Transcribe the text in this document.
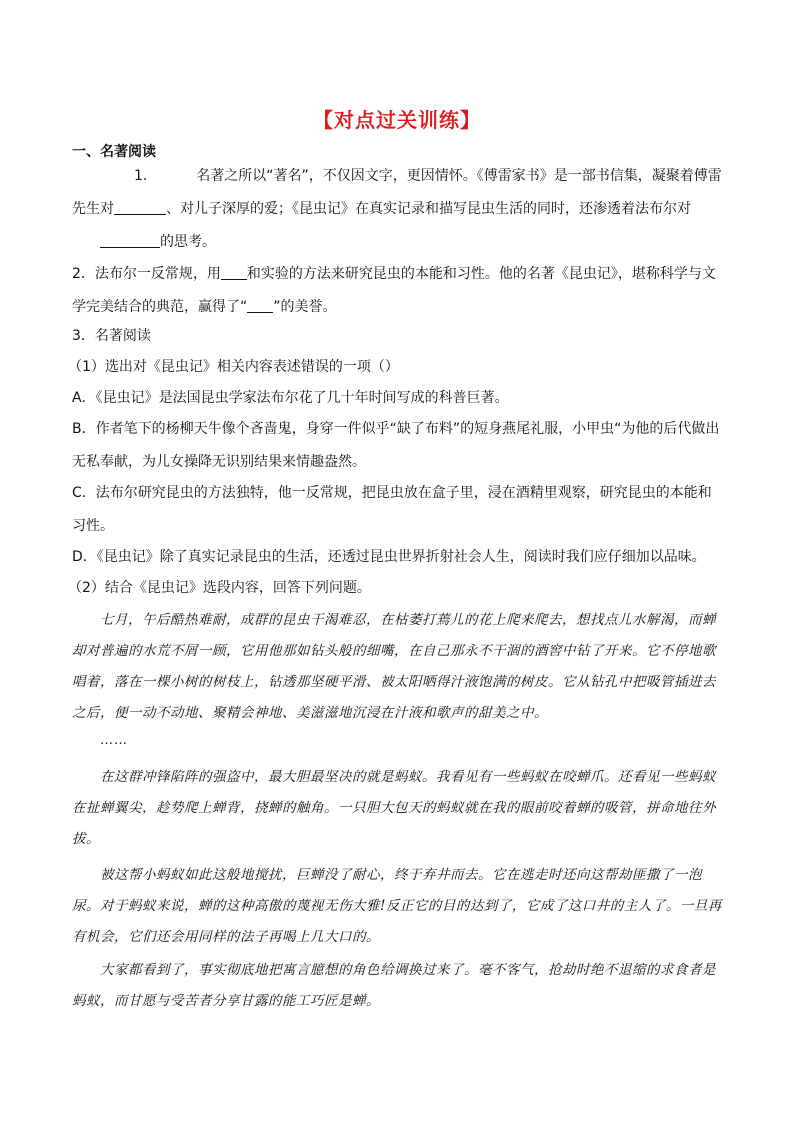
【对点过关训练】
一、名著阅读
1.	名著之所以“著名”，不仅因文字，更因情怀。《傅雷家书》是一部书信集，凝聚着傅雷
先生对	、对儿子深厚的爱；《昆虫记》在真实记录和描写昆虫生活的同时，还渗透着法布尔对
的思考。
2．法布尔一反常规，用 和实验的方法来研究昆虫的本能和习性。他的名著《昆虫记》，堪称科学与文
学完美结合的典范，赢得了“ ”的美誉。
3．名著阅读
（1）选出对《昆虫记》相关内容表述错误的一项（）
A．《昆虫记》是法国昆虫学家法布尔花了几十年时间写成的科普巨著。
B．作者笔下的杨柳天牛像个吝啬鬼，身穿一件似乎“缺了布料”的短身燕尾礼服，小甲虫“为他的后代做出无私奉献，为儿女操降无识别结果来情趣盎然。
C．法布尔研究昆虫的方法独特，他一反常规，把昆虫放在盒子里，浸在酒精里观察，研究昆虫的本能和习性。
D．《昆虫记》除了真实记录昆虫的生活，还透过昆虫世界折射社会人生，阅读时我们应仔细加以品味。
（2）结合《昆虫记》选段内容，回答下列问题。
七月，午后酷热难耐，成群的昆虫干渴难忍，在枯萎打蔫儿的花上爬来爬去，想找点儿水解渴，而蝉却对普遍的水荒不屑一顾，它用他那如钻头般的细嘴，在自己那永不干涸的酒窖中钻了开来。它不停地歌唱着，落在一棵小树的树枝上，钻透那坚硬平滑、被太阳晒得汁液饱满的树皮。它从钻孔中把吸管插进去之后，便一动不动地、聚精会神地、美滋滋地沉浸在汁液和歌声的甜美之中。
……
在这群冲锋陷阵的强盗中，最大胆最坚决的就是蚂蚁。我看见有一些蚂蚁在咬蝉爪。还看见一些蚂蚁在扯蝉翼尖，趁势爬上蝉背，挠蝉的触角。一只胆大包天的蚂蚁就在我的眼前咬着蝉的吸管，拼命地往外拔。
被这帮小蚂蚁如此这般地搅扰，巨蝉没了耐心，终于弃井而去。它在逃走时还向这帮劫匪撒了一泡尿。对于蚂蚁来说，蝉的这种高傲的蔑视无伤大雅!反正它的目的达到了，它成了这口井的主人了。一旦再有机会，它们还会用同样的法子再喝上几大口的。
大家都看到了，事实彻底地把寓言臆想的角色给调换过来了。毫不客气，抢劫时绝不退缩的求食者是蚂蚁，而甘愿与受苦者分享甘露的能工巧匠是蝉。
